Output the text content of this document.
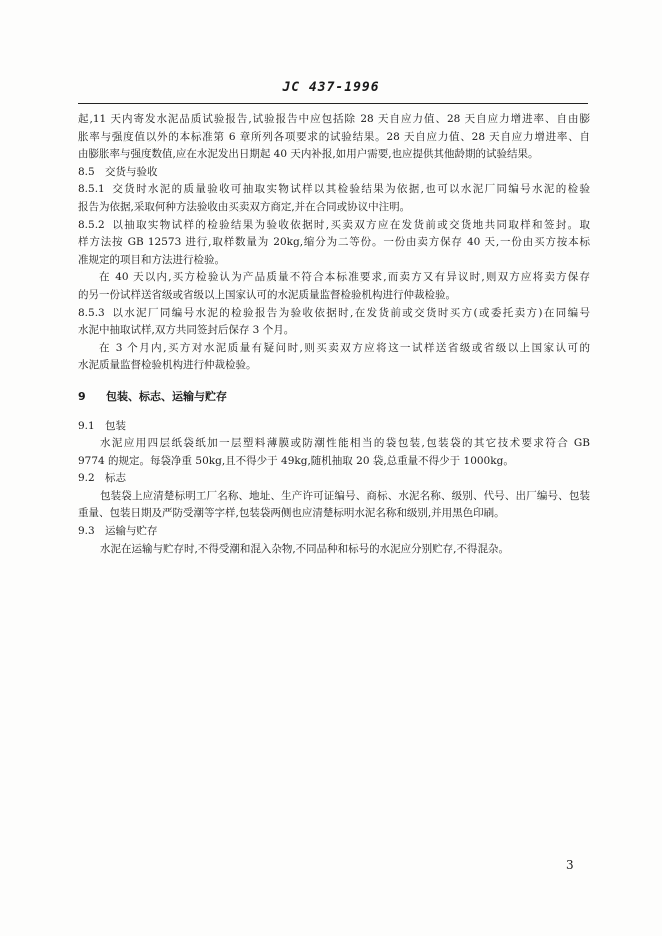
JC 437-1996
起,11 天内寄发水泥品质试验报告,试验报告中应包括除 28 天自应力值、28 天自应力增进率、自由膨
胀率与强度值以外的本标准第 6 章所列各项要求的试验结果。28 天自应力值、28 天自应力增进率、自
由膨胀率与强度数值,应在水泥发出日期起 40 天内补报,如用户需要,也应提供其他龄期的试验结果。
8.5 交货与验收
8.5.1 交货时水泥的质量验收可抽取实物试样以其检验结果为依据,也可以水泥厂同编号水泥的检验
报告为依据,采取何种方法验收由买卖双方商定,并在合同或协议中注明。
8.5.2 以抽取实物试样的检验结果为验收依据时,买卖双方应在发货前或交货地共同取样和签封。取
样方法按 GB 12573 进行,取样数量为 20kg,缩分为二等份。一份由卖方保存 40 天,一份由买方按本标
准规定的项目和方法进行检验。
在 40 天以内,买方检验认为产品质量不符合本标准要求,而卖方又有异议时,则双方应将卖方保存
的另一份试样送省级或省级以上国家认可的水泥质量监督检验机构进行仲裁检验。
8.5.3 以水泥厂同编号水泥的检验报告为验收依据时,在发货前或交货时买方(或委托卖方)在同编号
水泥中抽取试样,双方共同签封后保存 3 个月。
在 3 个月内,买方对水泥质量有疑问时,则买卖双方应将这一试样送省级或省级以上国家认可的
水泥质量监督检验机构进行仲裁检验。
9 包装、标志、运输与贮存
9.1 包装
水泥应用四层纸袋纸加一层塑料薄膜或防潮性能相当的袋包装,包装袋的其它技术要求符合 GB
9774 的规定。每袋净重 50kg,且不得少于 49kg,随机抽取 20 袋,总重量不得少于 1000kg。
9.2 标志
包装袋上应清楚标明工厂名称、地址、生产许可证编号、商标、水泥名称、级别、代号、出厂编号、包装
重量、包装日期及严防受潮等字样,包装袋两侧也应清楚标明水泥名称和级别,并用黑色印刷。
9.3 运输与贮存
水泥在运输与贮存时,不得受潮和混入杂物,不同品种和标号的水泥应分别贮存,不得混杂。
3
